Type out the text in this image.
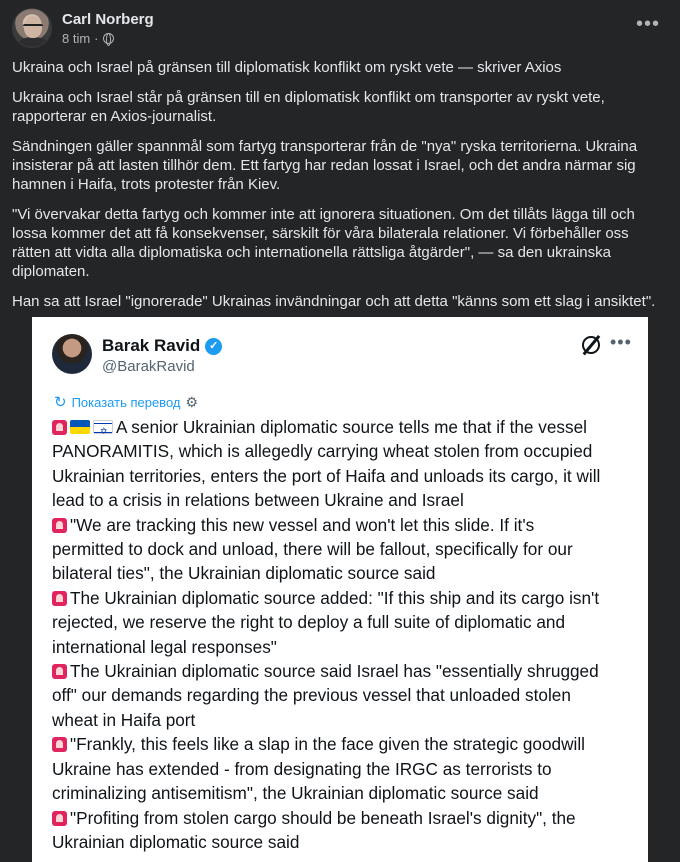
Carl Norberg
8 tim ·
•••

Ukraina och Israel på gränsen till diplomatisk konflikt om ryskt vete — skriver Axios

Ukraina och Israel står på gränsen till en diplomatisk konflikt om transporter av ryskt vete, rapporterar en Axios-journalist.

Sändningen gäller spannmål som fartyg transporterar från de "nya" ryska territorierna. Ukraina insisterar på att lasten tillhör dem. Ett fartyg har redan lossat i Israel, och det andra närmar sig hamnen i Haifa, trots protester från Kiev.

"Vi övervakar detta fartyg och kommer inte att ignorera situationen. Om det tillåts lägga till och lossa kommer det att få konsekvenser, särskilt för våra bilaterala relationer. Vi förbehåller oss rätten att vidta alla diplomatiska och internationella rättsliga åtgärder", — sa den ukrainska diplomaten.

Han sa att Israel "ignorerade" Ukrainas invändningar och att detta "känns som ett slag i ansiktet".

Barak Ravid ✓
@BarakRavid
•••
↻ Показать перевод ⚙
✡A senior Ukrainian diplomatic source tells me that if the vessel
PANORAMITIS, which is allegedly carrying wheat stolen from occupied
Ukrainian territories, enters the port of Haifa and unloads its cargo, it will
lead to a crisis in relations between Ukraine and Israel
"We are tracking this new vessel and won't let this slide. If it's
permitted to dock and unload, there will be fallout, specifically for our
bilateral ties", the Ukrainian diplomatic source said
The Ukrainian diplomatic source added: "If this ship and its cargo isn't
rejected, we reserve the right to deploy a full suite of diplomatic and
international legal responses"
The Ukrainian diplomatic source said Israel has "essentially shrugged
off" our demands regarding the previous vessel that unloaded stolen
wheat in Haifa port
"Frankly, this feels like a slap in the face given the strategic goodwill
Ukraine has extended - from designating the IRGC as terrorists to
criminalizing antisemitism", the Ukrainian diplomatic source said
"Profiting from stolen cargo should be beneath Israel's dignity", the
Ukrainian diplomatic source said
